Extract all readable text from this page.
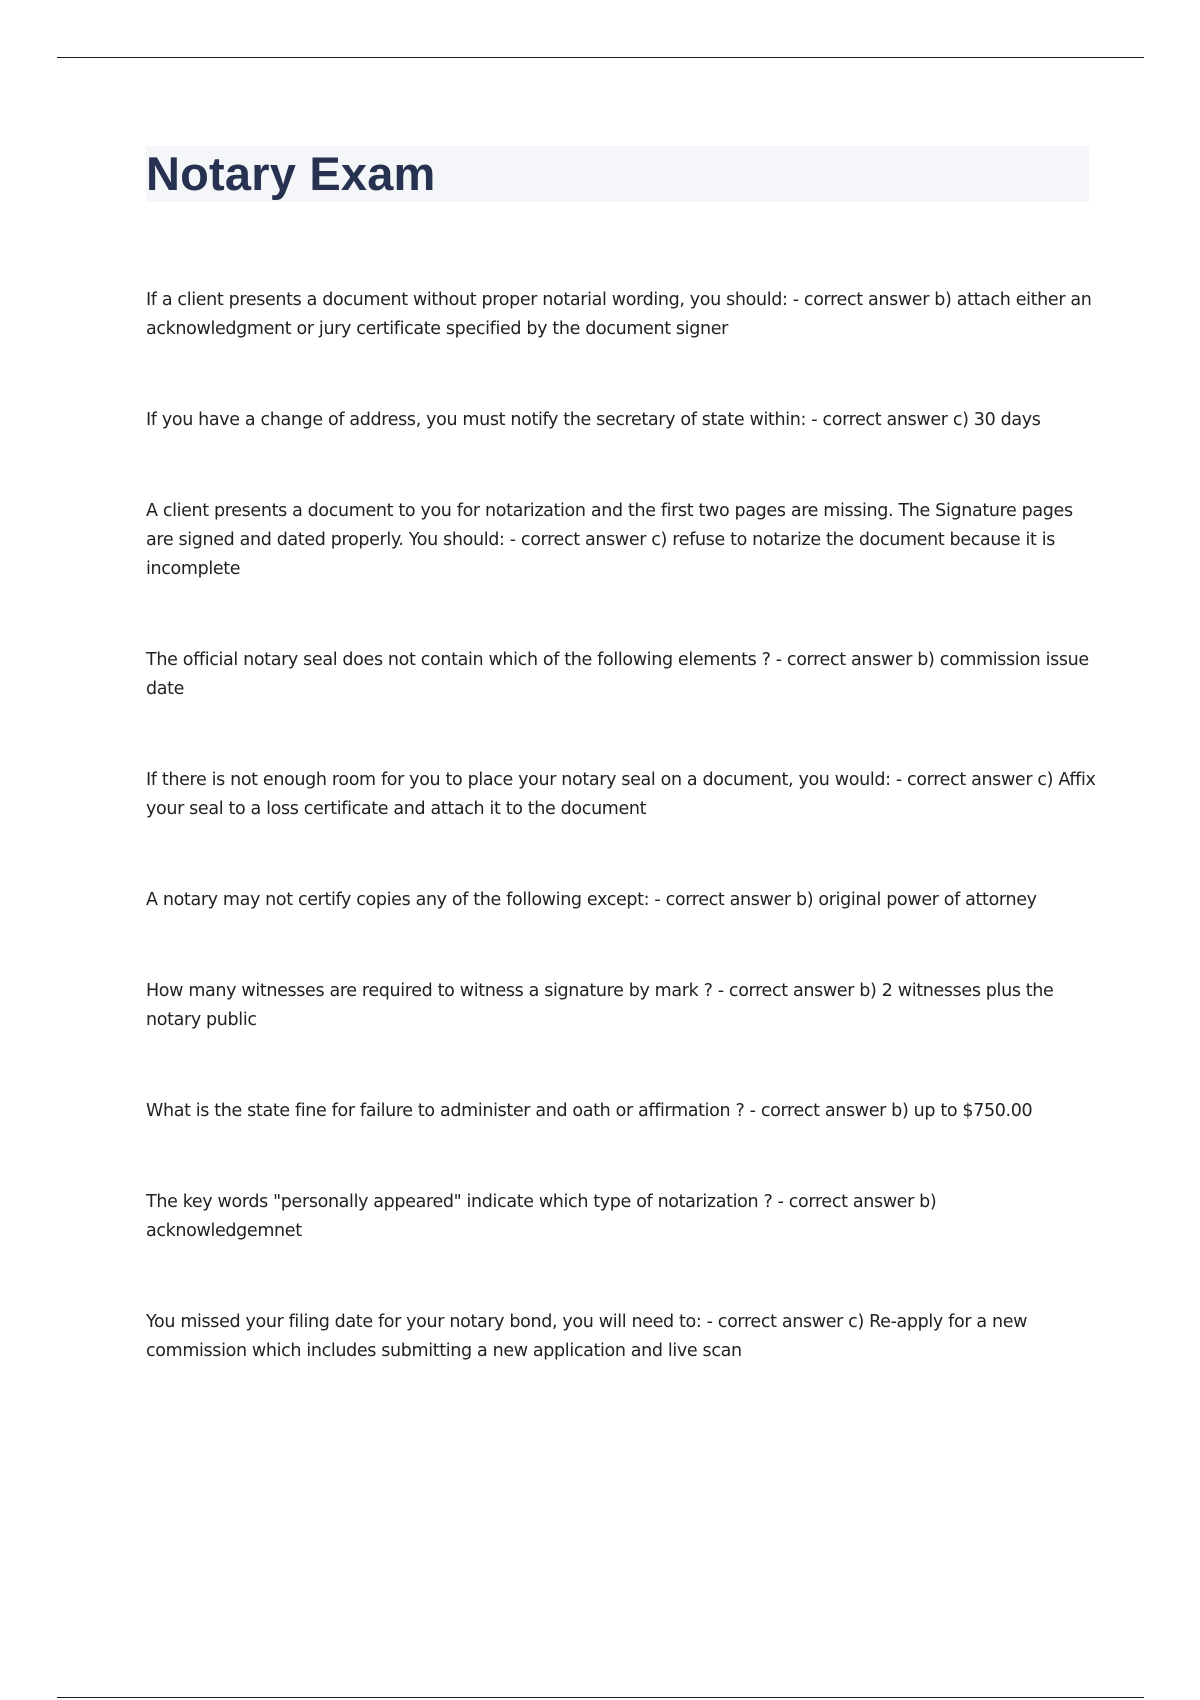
Notary Exam
If a client presents a document without proper notarial wording, you should: - correct answer b) attach either an acknowledgment or jury certificate specified by the document signer
If you have a change of address, you must notify the secretary of state within: - correct answer c) 30 days
A client presents a document to you for notarization and the first two pages are missing. The Signature pages are signed and dated properly. You should: - correct answer c) refuse to notarize the document because it is incomplete
The official notary seal does not contain which of the following elements ? - correct answer b) commission issue date
If there is not enough room for you to place your notary seal on a document, you would: - correct answer c) Affix your seal to a loss certificate and attach it to the document
A notary may not certify copies any of the following except: - correct answer b) original power of attorney
How many witnesses are required to witness a signature by mark ? - correct answer b) 2 witnesses plus the notary public
What is the state fine for failure to administer and oath or affirmation ? - correct answer b) up to $750.00
The key words "personally appeared" indicate which type of notarization ? - correct answer b) acknowledgemnet
You missed your filing date for your notary bond, you will need to: - correct answer c) Re-apply for a new commission which includes submitting a new application and live scan
